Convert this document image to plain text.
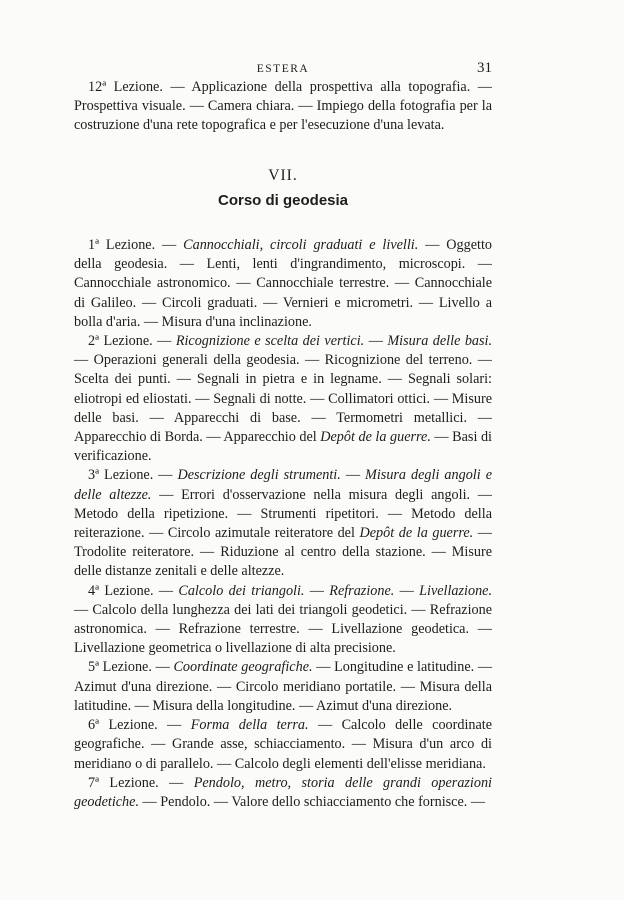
ESTERA	31

12ª Lezione. — Applicazione della prospettiva alla topografia. — Prospettiva visuale. — Camera chiara. — Impiego della fotografia per la costruzione d'una rete topografica e per l'esecuzione d'una levata.

VII.
Corso di geodesia

1ª Lezione. — Cannocchiali, circoli graduati e livelli. — Oggetto della geodesia. — Lenti, lenti d'ingrandimento, microscopi. — Cannocchiale astronomico. — Cannocchiale terrestre. — Cannocchiale di Galileo. — Circoli graduati. — Vernieri e micrometri. — Livello a bolla d'aria. — Misura d'una inclinazione.

2ª Lezione. — Ricognizione e scelta dei vertici. — Misura delle basi. — Operazioni generali della geodesia. — Ricognizione del terreno. — Scelta dei punti. — Segnali in pietra e in legname. — Segnali solari: eliotropi ed eliostati. — Segnali di notte. — Collimatori ottici. — Misure delle basi. — Apparecchi di base. — Termometri metallici. — Apparecchio di Borda. — Apparecchio del Depôt de la guerre. — Basi di verificazione.

3ª Lezione. — Descrizione degli strumenti. — Misura degli angoli e delle altezze. — Errori d'osservazione nella misura degli angoli. — Metodo della ripetizione. — Strumenti ripetitori. — Metodo della reiterazione. — Circolo azimutale reiteratore del Depôt de la guerre. — Trodolite reiteratore. — Riduzione al centro della stazione. — Misure delle distanze zenitali e delle altezze.

4ª Lezione. — Calcolo dei triangoli. — Refrazione. — Livellazione. — Calcolo della lunghezza dei lati dei triangoli geodetici. — Refrazione astronomica. — Refrazione terrestre. — Livellazione geodetica. — Livellazione geometrica o livellazione di alta precisione.

5ª Lezione. — Coordinate geografiche. — Longitudine e latitudine. — Azimut d'una direzione. — Circolo meridiano portatile. — Misura della latitudine. — Misura della longitudine. — Azimut d'una direzione.

6ª Lezione. — Forma della terra. — Calcolo delle coordinate geografiche. — Grande asse, schiacciamento. — Misura d'un arco di meridiano o di parallelo. — Calcolo degli elementi dell'elisse meridiana.

7ª Lezione. — Pendolo, metro, storia delle grandi operazioni geodetiche. — Pendolo. — Valore dello schiacciamento che fornisce. —
